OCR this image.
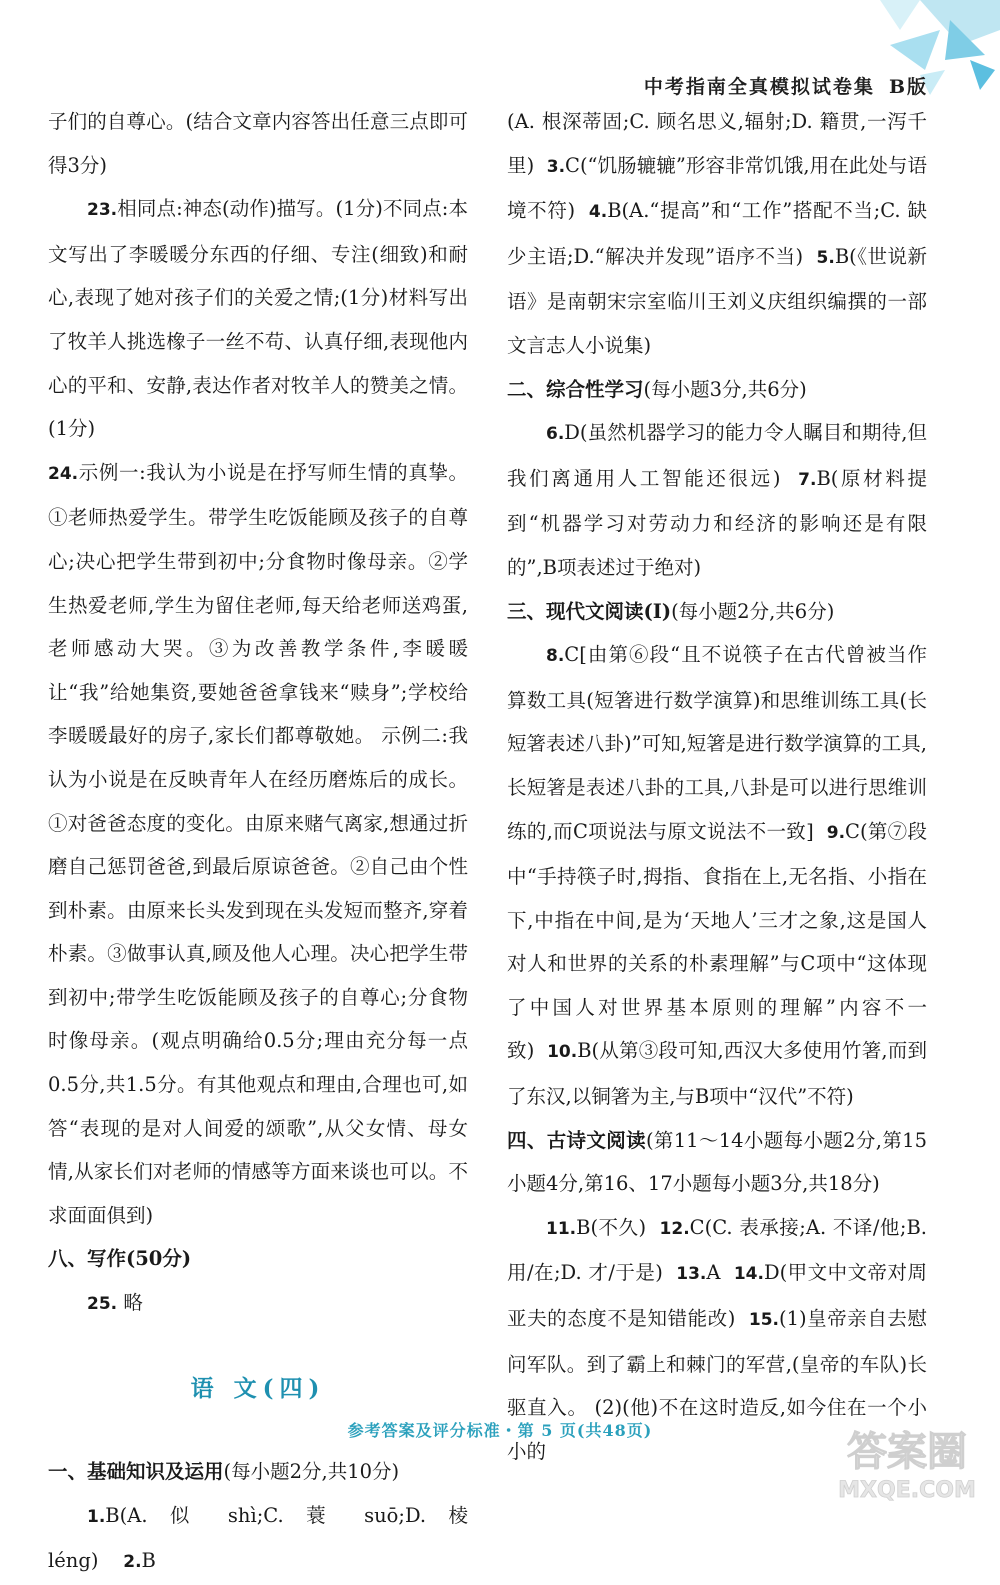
中考指南全真模拟试卷集 B版

子们的自尊心。(结合文章内容答出任意三点即可得3分)

23.相同点:神态(动作)描写。(1分)不同点:本文写出了李暖暖分东西的仔细、专注(细致)和耐心,表现了她对孩子们的关爱之情;(1分)材料写出了牧羊人挑选橡子一丝不苟、认真仔细,表现他内心的平和、安静,表达作者对牧羊人的赞美之情。(1分)

24.示例一:我认为小说是在抒写师生情的真挚。①老师热爱学生。带学生吃饭能顾及孩子的自尊心;决心把学生带到初中;分食物时像母亲。②学生热爱老师,学生为留住老师,每天给老师送鸡蛋,老师感动大哭。③为改善教学条件,李暖暖让“我”给她集资,要她爸爸拿钱来“赎身”;学校给李暖暖最好的房子,家长们都尊敬她。 示例二:我认为小说是在反映青年人在经历磨炼后的成长。①对爸爸态度的变化。由原来赌气离家,想通过折磨自己惩罚爸爸,到最后原谅爸爸。②自己由个性到朴素。由原来长头发到现在头发短而整齐,穿着朴素。③做事认真,顾及他人心理。决心把学生带到初中;带学生吃饭能顾及孩子的自尊心;分食物时像母亲。(观点明确给0.5分;理由充分每一点0.5分,共1.5分。有其他观点和理由,合理也可,如答“表现的是对人间爱的颂歌”,从父女情、母女情,从家长们对老师的情感等方面来谈也可以。不求面面俱到)

八、写作(50分)

25. 略

语 文(四)

一、基础知识及运用(每小题2分,共10分)

1.B(A. 似 shì;C. 蓑 suō;D. 棱 léng) 2.B

(A. 根深蒂固;C. 顾名思义,辐射;D. 籍贯,一泻千里) 3.C(“饥肠辘辘”形容非常饥饿,用在此处与语境不符) 4.B(A.“提高”和“工作”搭配不当;C. 缺少主语;D.“解决并发现”语序不当) 5.B(《世说新语》是南朝宋宗室临川王刘义庆组织编撰的一部文言志人小说集)

二、综合性学习(每小题3分,共6分)

6.D(虽然机器学习的能力令人瞩目和期待,但我们离通用人工智能还很远) 7.B(原材料提到“机器学习对劳动力和经济的影响还是有限的”,B项表述过于绝对)

三、现代文阅读(Ⅰ)(每小题2分,共6分)

8.C[由第⑥段“且不说筷子在古代曾被当作算数工具(短箸进行数学演算)和思维训练工具(长短箸表述八卦)”可知,短箸是进行数学演算的工具,长短箸是表述八卦的工具,八卦是可以进行思维训练的,而C项说法与原文说法不一致] 9.C(第⑦段中“手持筷子时,拇指、食指在上,无名指、小指在下,中指在中间,是为‘天地人’三才之象,这是国人对人和世界的关系的朴素理解”与C项中“这体现了中国人对世界基本原则的理解”内容不一致) 10.B(从第③段可知,西汉大多使用竹箸,而到了东汉,以铜箸为主,与B项中“汉代”不符)

四、古诗文阅读(第11～14小题每小题2分,第15小题4分,第16、17小题每小题3分,共18分)

11.B(不久) 12.C(C. 表承接;A. 不译/他;B. 用/在;D. 才/于是) 13.A 14.D(甲文中文帝对周亚夫的态度不是知错能改) 15.(1)皇帝亲自去慰问军队。到了霸上和棘门的军营,(皇帝的车队)长驱直入。 (2)(他)不在这时造反,如今住在一个小小的

参考答案及评分标准・第 5 页(共48页)	答案圈
MXQE.COM
